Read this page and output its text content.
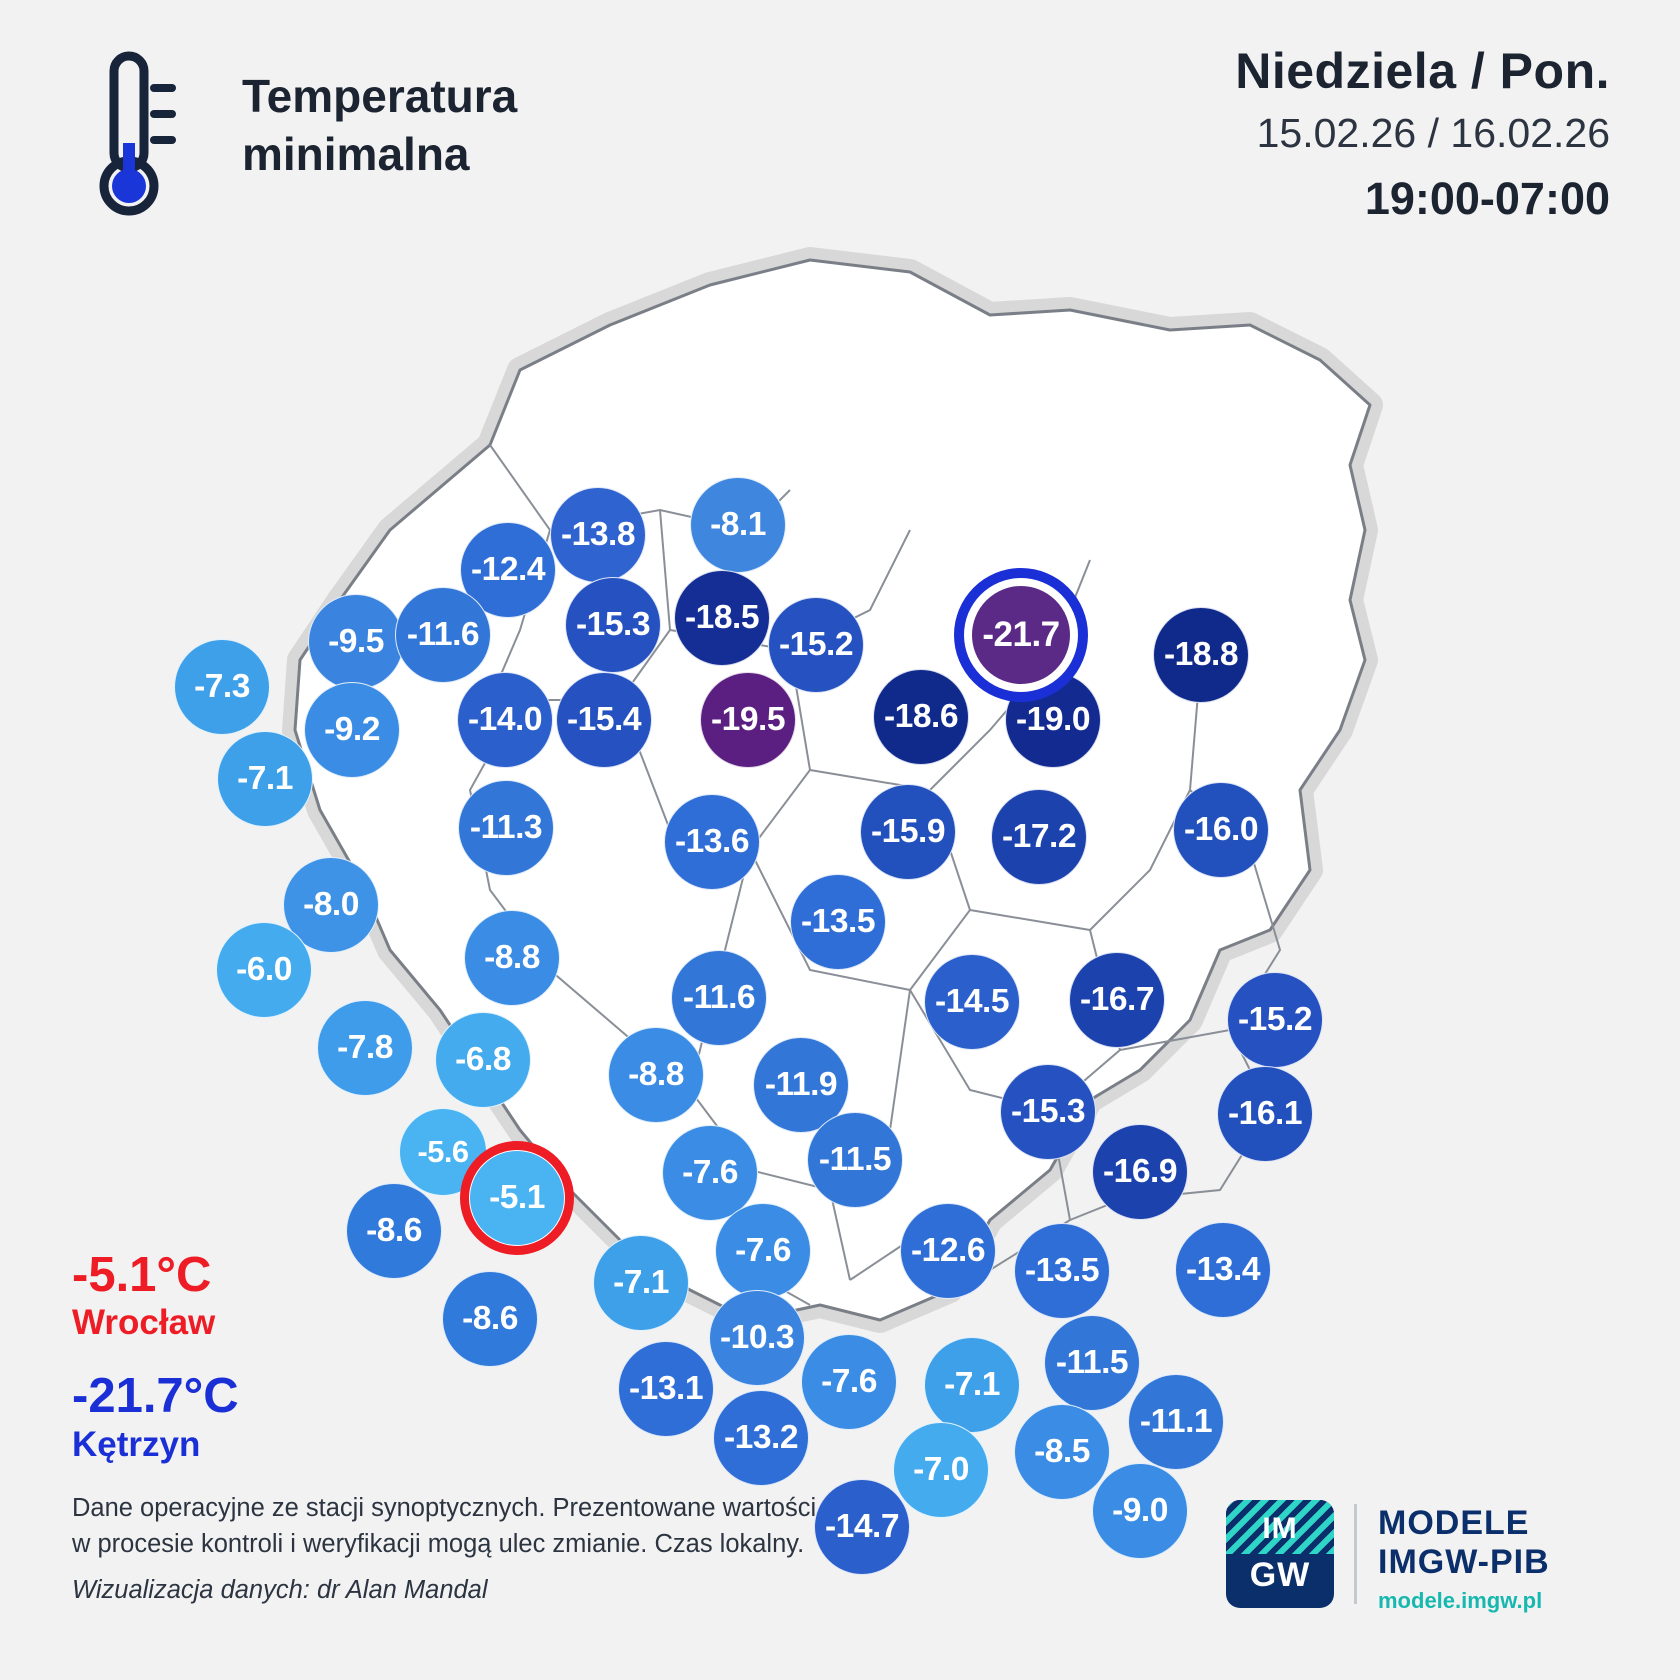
Temperatura
minimalna
Niedziela / Pon.
15.02.26 / 16.02.26
19:00-07:00
-13.8	-8.1
-12.4
-15.3	-18.5
-9.5 -11.6	-15.2	-21.7
-18.8
-7.3
-9.2	-14.0 -15.4	-19.5	-18.6	-19.0
-7.1
-11.3	-13.6	-15.9	-17.2	-16.0
-8.0	-13.5
-8.8
-6.0
-11.6	-14.5	-16.7
-15.2
-7.8	-6.8	-8.8	-11.9
-15.3	-16.1
-5.6	-11.5	-16.9
-5.1
-7.6
-8.6
-7.6	-12.6
-13.5	-13.4
-7.1
-8.6
-10.3
-11.5
-13.1	-7.6	-7.1
-11.1
-13.2	-8.5
-7.0
-9.0
-14.7
-5.1°C
Wrocław
-21.7°C
Kętrzyn
Dane operacyjne ze stacji synoptycznych. Prezentowane wartości
w procesie kontroli i weryfikacji mogą ulec zmianie. Czas lokalny.
Wizualizacja danych: dr Alan Mandal
IM
GW
MODELE
IMGW-PIB
modele.imgw.pl
